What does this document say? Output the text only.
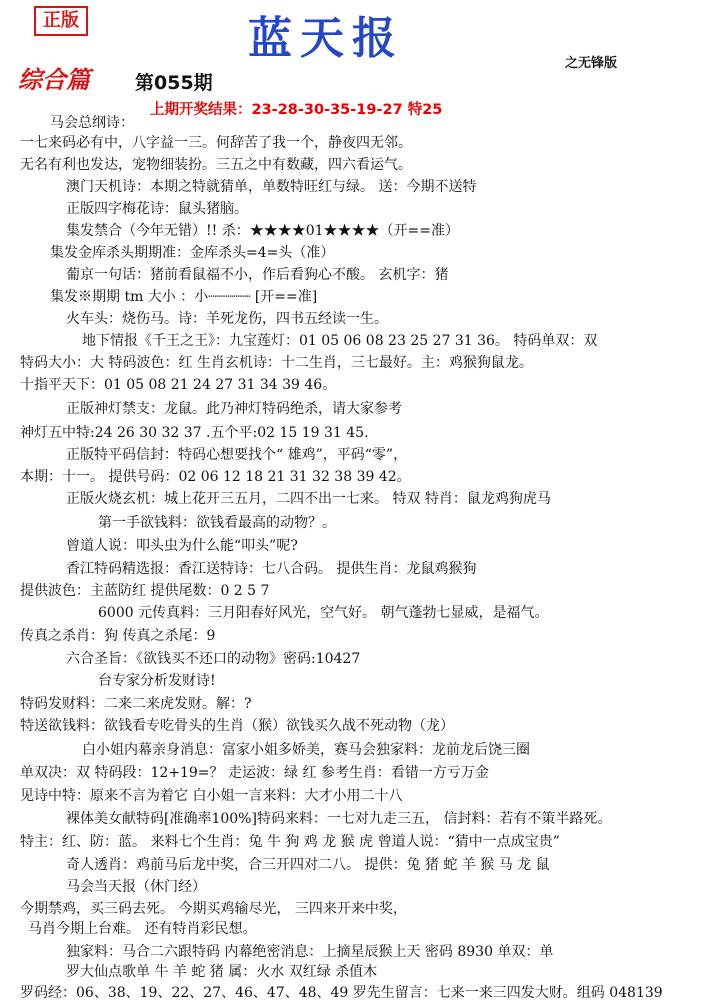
正版	蓝天报	之无锋版
综合篇 第055期
上期开奖结果：23-28-30-35-19-27 特25
马会总纲诗：
一七来码必有中，八字益一三。何辞苦了我一个，静夜四无邻。
无名有利也发达，宠物细装扮。三五之中有数藏，四六看运气。
澳门天机诗：本期之特就猜单，单数特旺红与绿。 送：今期不送特
正版四字梅花诗：鼠头猪脑。
集发禁合（今年无错）!! 杀：★★★★01★★★★（开==准）
集发金库杀头期期准：金库杀头=4=头（准）
葡京一句话：猪前看鼠福不小，作后看狗心不酸。 玄机字：猪
集发※期期 tm 大小 ：小┈┈┈┈┈ [开==准]
火车头：烧伤马。诗：羊死龙伤，四书五经读一生。
地下情报《千王之王》：九宝莲灯：01 05 06 08 23 25 27 31 36。 特码单双：双
特码大小：大 特码波色：红 生肖玄机诗：十二生肖，三七最好。主：鸡猴狗鼠龙。
十指平天下：01 05 08 21 24 27 31 34 39 46。
正版神灯禁支：龙鼠。此乃神灯特码绝杀，请大家参考
神灯五中特:24 26 30 32 37 .五个平:02 15 19 31 45.
正版特平码信封：特码心想要找个“ 雄鸡”，平码“零”，
本期：十一。 提供号码：02 06 12 18 21 31 32 38 39 42。
正版火烧玄机：城上花开三五月，二四不出一七来。 特双 特肖：鼠龙鸡狗虎马
第一手欲钱料：欲钱看最高的动物？。
曾道人说：叩头虫为什么能“叩头”呢?
香江特码精选报：香江送特诗：七八合码。 提供生肖：龙鼠鸡猴狗
提供波色：主蓝防红 提供尾数：0 2 5 7
6000 元传真料：三月阳春好风光，空气好。 朝气蓬勃七显威，是福气。
传真之杀肖：狗 传真之杀尾：9
六合圣旨：《欲钱买不还口的动物》密码:10427
台专家分析发财诗!
特码发财料：二来二来虎发财。解：?
特送欲钱料：欲钱看专吃骨头的生肖（猴）欲钱买久战不死动物（龙）
白小姐内幕亲身消息：富家小姐多娇美，赛马会独家料：龙前龙后饶三圈
单双决：双 特码段：12+19=？ 走运波：绿 红 参考生肖：看错一方亏万金
见诗中特：原来不言为着它 白小姐一言来料：大才小用二十八
裸体美女献特码[准确率100%]特码来料：一七对九走三五， 信封料：若有不策半路死。
特主：红、防：蓝。 来料七个生肖：兔 牛 狗 鸡 龙 猴 虎 曾道人说：“猜中一点成宝贵”
奇人透肖：鸡前马后龙中奖，合三开四对二八。 提供：兔 猪 蛇 羊 猴 马 龙 鼠
马会当天报（休门经）
今期禁鸡，买三码去死。 今期买鸡输尽光， 三四来开来中奖，
马肖今期上台难。 还有特肖彩民想。
独家料：马合二六跟特码 内幕绝密消息：上摘星辰猴上天 密码 8930 单双：单
罗大仙点歌单 牛 羊 蛇 猪 属：火水 双红绿 杀值木
罗码经：06、38、19、22、27、46、47、48、49 罗先生留言：七来一来三四发大财。组码 048139
